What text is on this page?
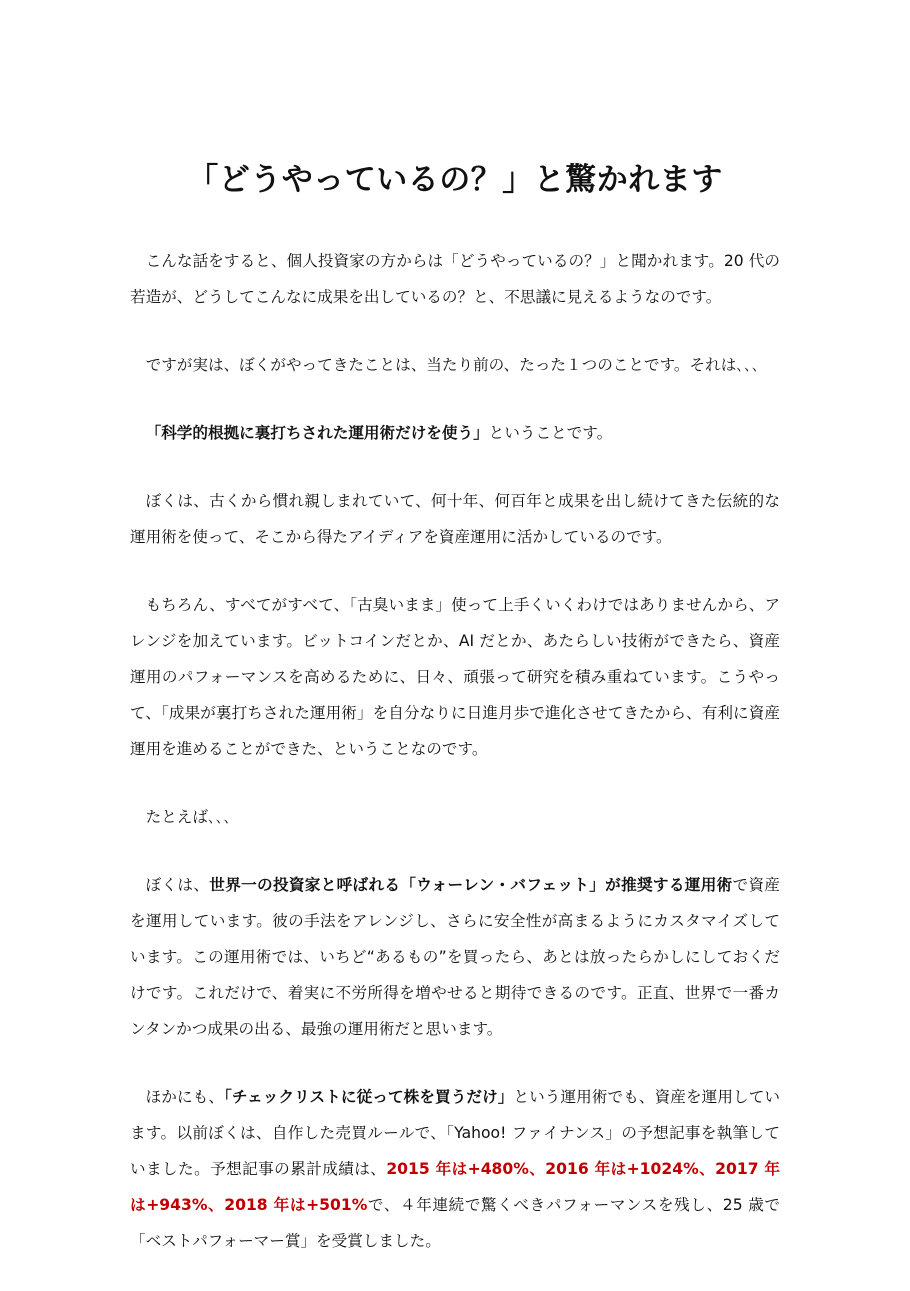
「どうやっているの？」と驚かれます

こんな話をすると、個人投資家の方からは「どうやっているの？」と聞かれます。20 代の若造が、どうしてこんなに成果を出しているの？と、不思議に見えるようなのです。

ですが実は、ぼくがやってきたことは、当たり前の、たった１つのことです。それは､､､

「科学的根拠に裏打ちされた運用術だけを使う」ということです。

ぼくは、古くから慣れ親しまれていて、何十年、何百年と成果を出し続けてきた伝統的な運用術を使って、そこから得たアイディアを資産運用に活かしているのです。

もちろん、すべてがすべて、「古臭いまま」使って上手くいくわけではありませんから、アレンジを加えています。ビットコインだとか、AI だとか、あたらしい技術ができたら、資産運用のパフォーマンスを高めるために、日々、頑張って研究を積み重ねています。こうやって、「成果が裏打ちされた運用術」を自分なりに日進月歩で進化させてきたから、有利に資産運用を進めることができた、ということなのです。

たとえば､､､

ぼくは、世界一の投資家と呼ばれる「ウォーレン・バフェット」が推奨する運用術で資産を運用しています。彼の手法をアレンジし、さらに安全性が高まるようにカスタマイズしています。この運用術では、いちど“あるもの”を買ったら、あとは放ったらかしにしておくだけです。これだけで、着実に不労所得を増やせると期待できるのです。正直、世界で一番カンタンかつ成果の出る、最強の運用術だと思います。

ほかにも、「チェックリストに従って株を買うだけ」という運用術でも、資産を運用しています。以前ぼくは、自作した売買ルールで、「Yahoo! ファイナンス」の予想記事を執筆していました。予想記事の累計成績は、2015 年は+480%、2016 年は+1024%、2017 年は+943%、2018 年は+501%で、４年連続で驚くべきパフォーマンスを残し、25 歳で「ベストパフォーマー賞」を受賞しました。
